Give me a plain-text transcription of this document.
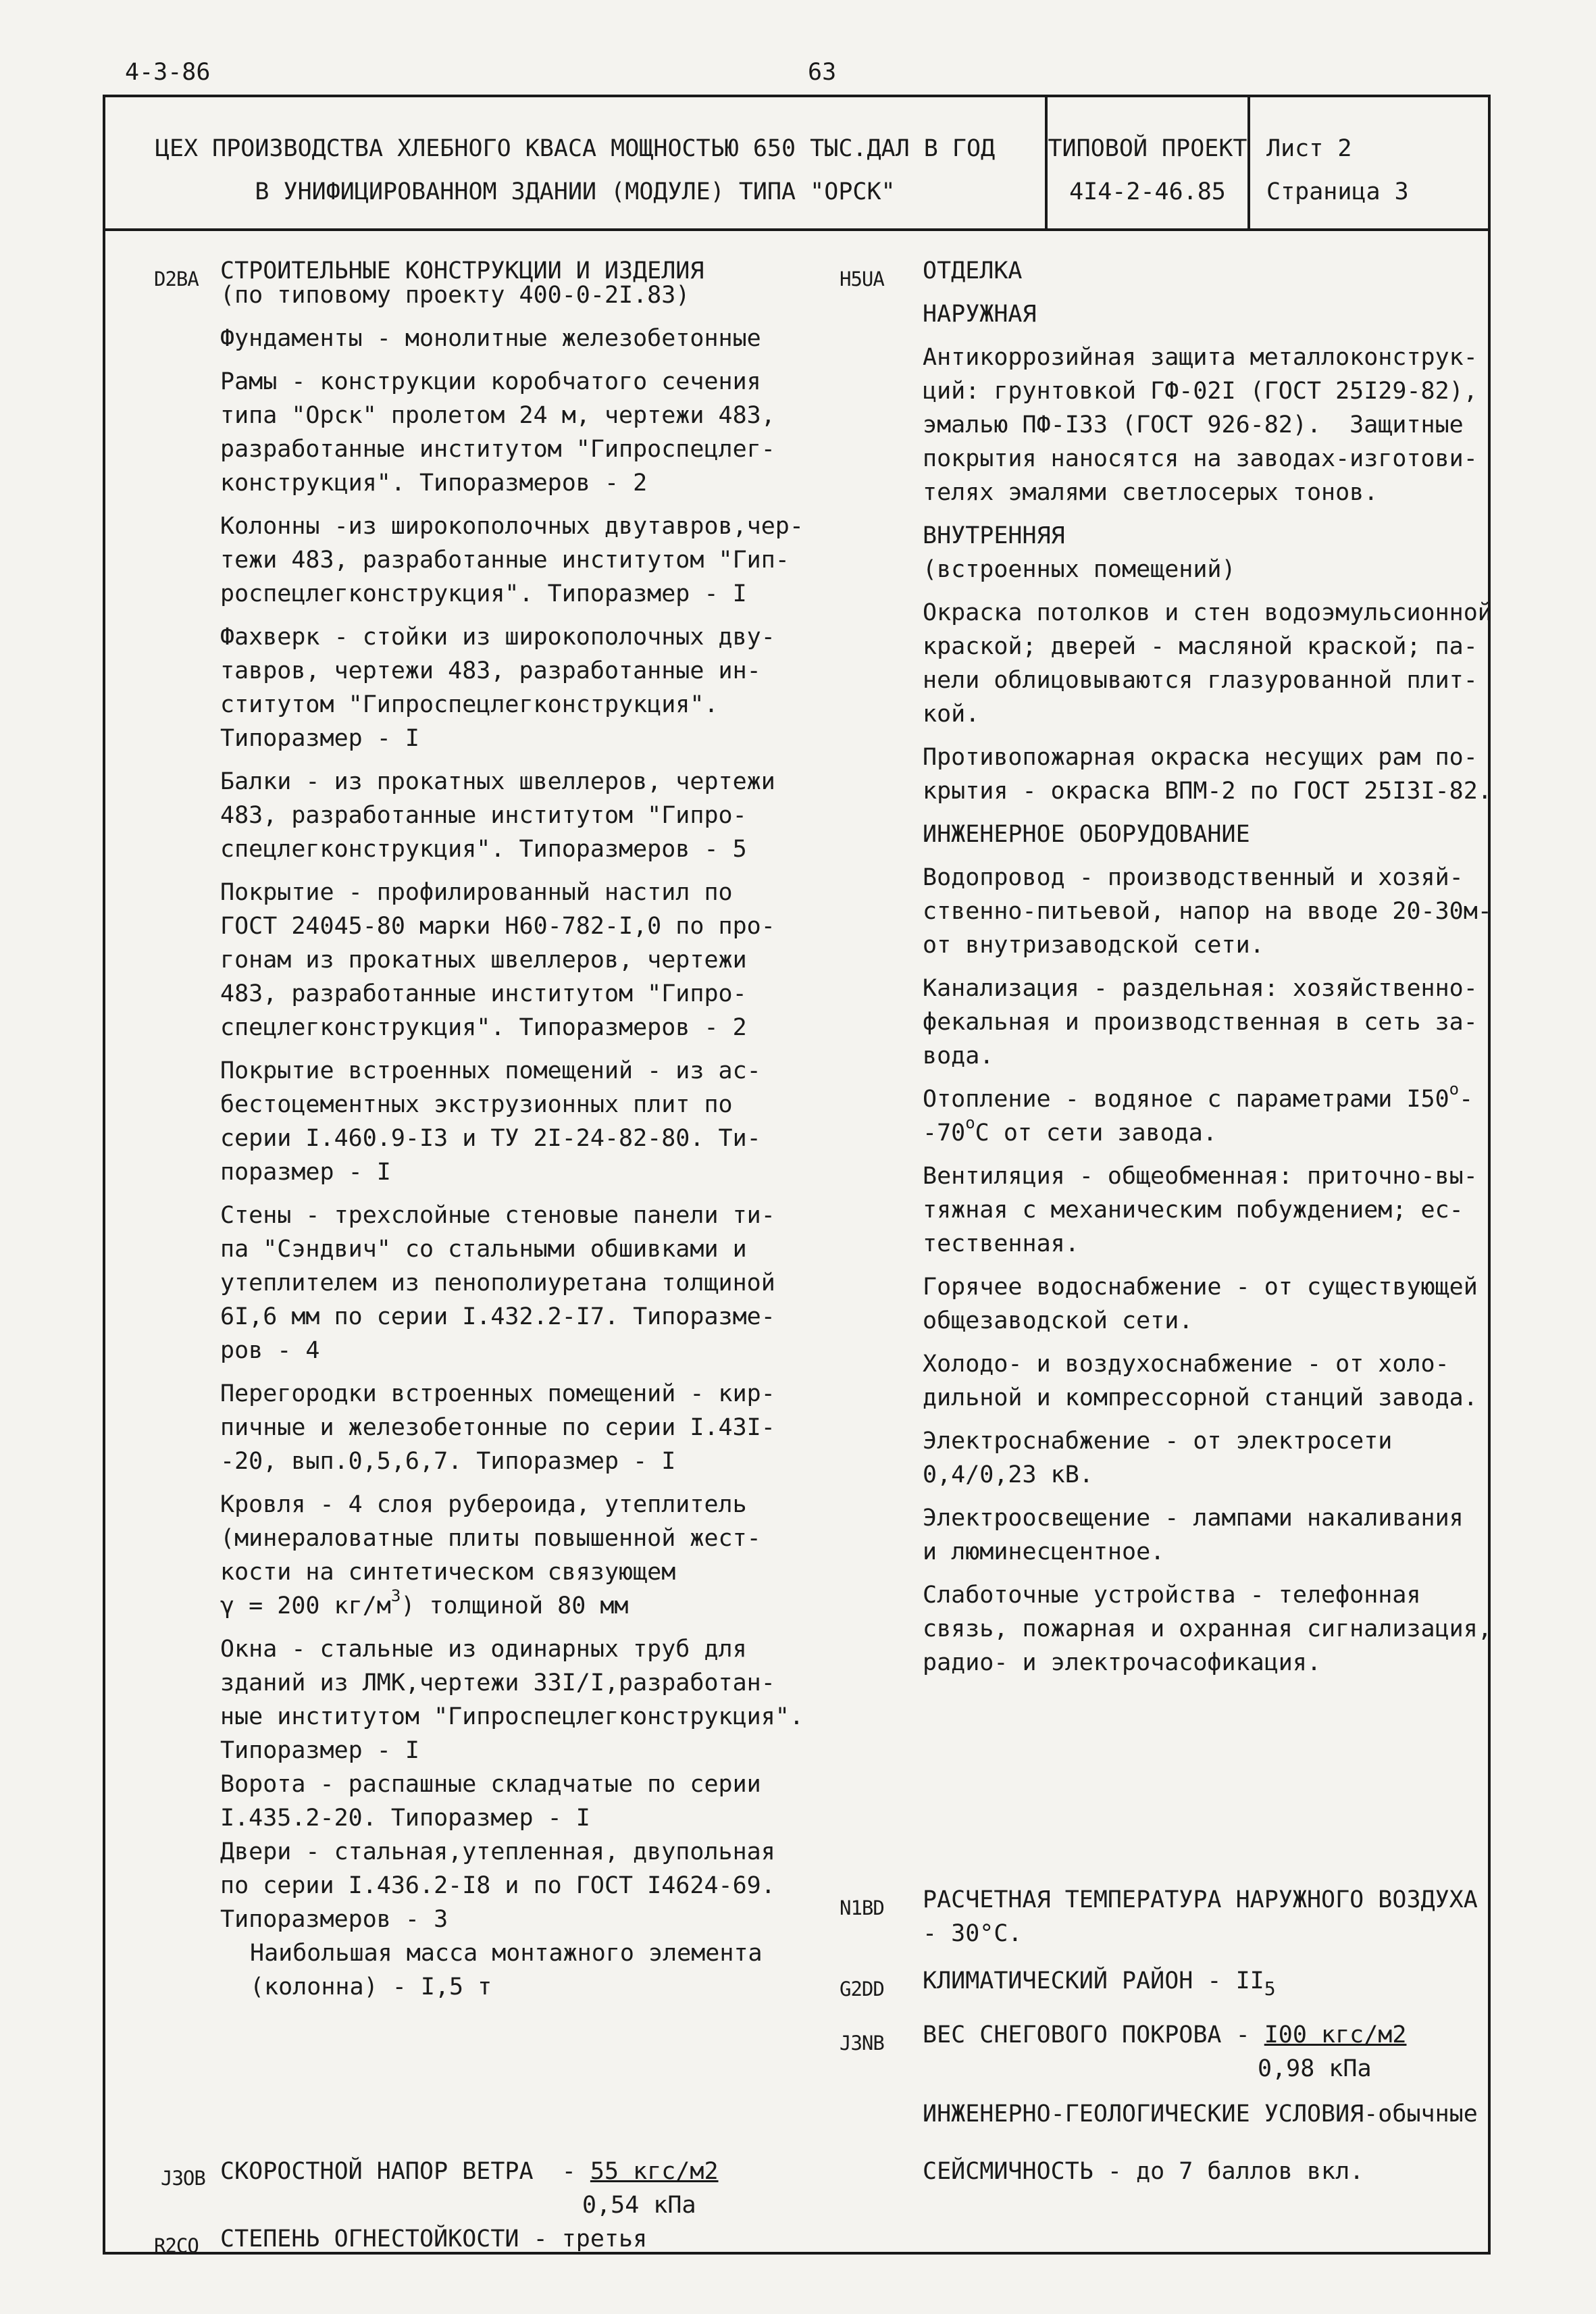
4-3-86	63
ЦЕХ ПРОИЗВОДСТВА ХЛЕБНОГО КВАСА МОЩНОСТЬЮ 650 ТЫС.ДАЛ В ГОД
В УНИФИЦИРОВАННОМ ЗДАНИИ (МОДУЛЕ) ТИПА "ОРСК"
ТИПОВОЙ ПРОЕКТ
4I4-2-46.85
Лист 2
Страница 3
D2BA СТРОИТЕЛЬНЫЕ КОНСТРУКЦИИ И ИЗДЕЛИЯ
(по типовому проекту 400-0-2I.83)
Фундаменты - монолитные железобетонные
Рамы - конструкции коробчатого сечения
типа "Орск" пролетом 24 м, чертежи 483,
разработанные институтом "Гипроспецлег-
конструкция". Типоразмеров - 2
Колонны -из широкополочных двутавров,чер-
тежи 483, разработанные институтом "Гип-
роспецлегконструкция". Типоразмер - I
Фахверк - стойки из широкополочных дву-
тавров, чертежи 483, разработанные ин-
ститутом "Гипроспецлегконструкция".
Типоразмер - I
Балки - из прокатных швеллеров, чертежи
483, разработанные институтом "Гипро-
спецлегконструкция". Типоразмеров - 5
Покрытие - профилированный настил по
ГОСТ 24045-80 марки Н60-782-I,0 по про-
гонам из прокатных швеллеров, чертежи
483, разработанные институтом "Гипро-
спецлегконструкция". Типоразмеров - 2
Покрытие встроенных помещений - из ас-
бестоцементных экструзионных плит по
серии I.460.9-I3 и ТУ 2I-24-82-80. Ти-
поразмер - I
Стены - трехслойные стеновые панели ти-
па "Сэндвич" со стальными обшивками и
утеплителем из пенополиуретана толщиной
6I,6 мм по серии I.432.2-I7. Типоразме-
ров - 4
Перегородки встроенных помещений - кир-
пичные и железобетонные по серии I.43I-
-20, вып.0,5,6,7. Типоразмер - I
Кровля - 4 слоя рубероида, утеплитель
(минераловатные плиты повышенной жест-
кости на синтетическом связующем
γ = 200 $кг/м^3$) толщиной 80 мм
Окна - стальные из одинарных труб для
зданий из ЛМК,чертежи 33I/I,разработан-
ные институтом "Гипроспецлегконструкция".
Типоразмер - I
Ворота - распашные складчатые по серии
I.435.2-20. Типоразмер - I
Двери - стальная,утепленная, двупольная
по серии I.436.2-I8 и по ГОСТ I4624-69.
Типоразмеров - 3
Наибольшая масса монтажного элемента
(колонна) - I,5 т
J3OB СКОРОСТНОЙ НАПОР ВЕТРА  - 55 кгс/м2
0,54 кПа
R2CO СТЕПЕНЬ ОГНЕСТОЙКОСТИ - третья
H5UA ОТДЕЛКА
НАРУЖНАЯ
Антикоррозийная защита металлоконструк-
ций: грунтовкой ГФ-02I (ГОСТ 25I29-82),
эмалью ПФ-I33 (ГОСТ 926-82).  Защитные
покрытия наносятся на заводах-изготови-
телях эмалями светлосерых тонов.
ВНУТРЕННЯЯ
(встроенных помещений)
Окраска потолков и стен водоэмульсионной
краской; дверей - масляной краской; па-
нели облицовываются глазурованной плит-
кой.
Противопожарная окраска несущих рам по-
крытия - окраска ВПМ-2 по ГОСТ 25I3I-82.
ИНЖЕНЕРНОЕ ОБОРУДОВАНИЕ
Водопровод - производственный и хозяй-
ственно-питьевой, напор на вводе 20-30м-
от внутризаводской сети.
Канализация - раздельная: хозяйственно-
фекальная и производственная в сеть за-
вода.
Отопление - водяное с параметрами I50$^o$-
-70$^o$С от сети завода.
Вентиляция - общеобменная: приточно-вы-
тяжная с механическим побуждением; ес-
тественная.
Горячее водоснабжение - от существующей
общезаводской сети.
Холодо- и воздухоснабжение - от холо-
дильной и компрессорной станций завода.
Электроснабжение - от электросети
0,4/0,23 кВ.
Электроосвещение - лампами накаливания
и люминесцентное.
Слаботочные устройства - телефонная
связь, пожарная и охранная сигнализация,
радио- и электрочасофикация.
N1BD РАСЧЕТНАЯ ТЕМПЕРАТУРА НАРУЖНОГО ВОЗДУХА
- 30°С.
G2DD КЛИМАТИЧЕСКИЙ РАЙОН - $II_5$
J3NB ВЕС СНЕГОВОГО ПОКРОВА - I00 кгс/м2
0,98 кПа
ИНЖЕНЕРНО-ГЕОЛОГИЧЕСКИЕ УСЛОВИЯ-обычные
СЕЙСМИЧНОСТЬ - до 7 баллов вкл.
